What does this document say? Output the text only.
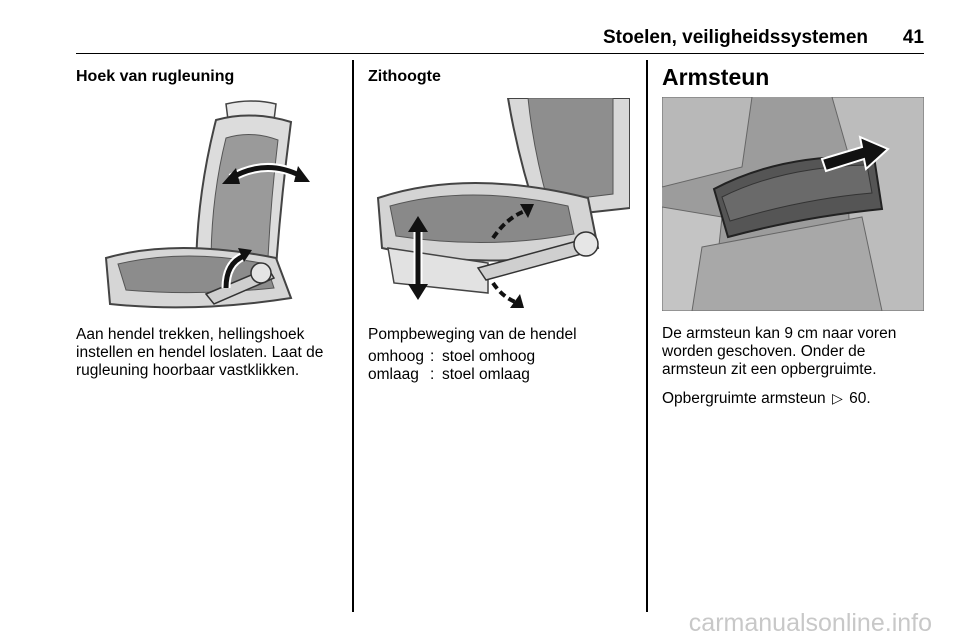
Stoelen, veiligheidssystemen 41
Hoek van rugleuning

Aan hendel trekken, hellingshoek instellen en hendel loslaten. Laat de rugleuning hoorbaar vastklikken.

Zithoogte

Pompbeweging van de hendel

omhoog : stoel omhoog
omlaag : stoel omlaag
Armsteun

De armsteun kan 9 cm naar voren worden geschoven. Onder de armsteun zit een opbergruimte.

Opbergruimte armsteun ▷ 60.

carmanualsonline.info
